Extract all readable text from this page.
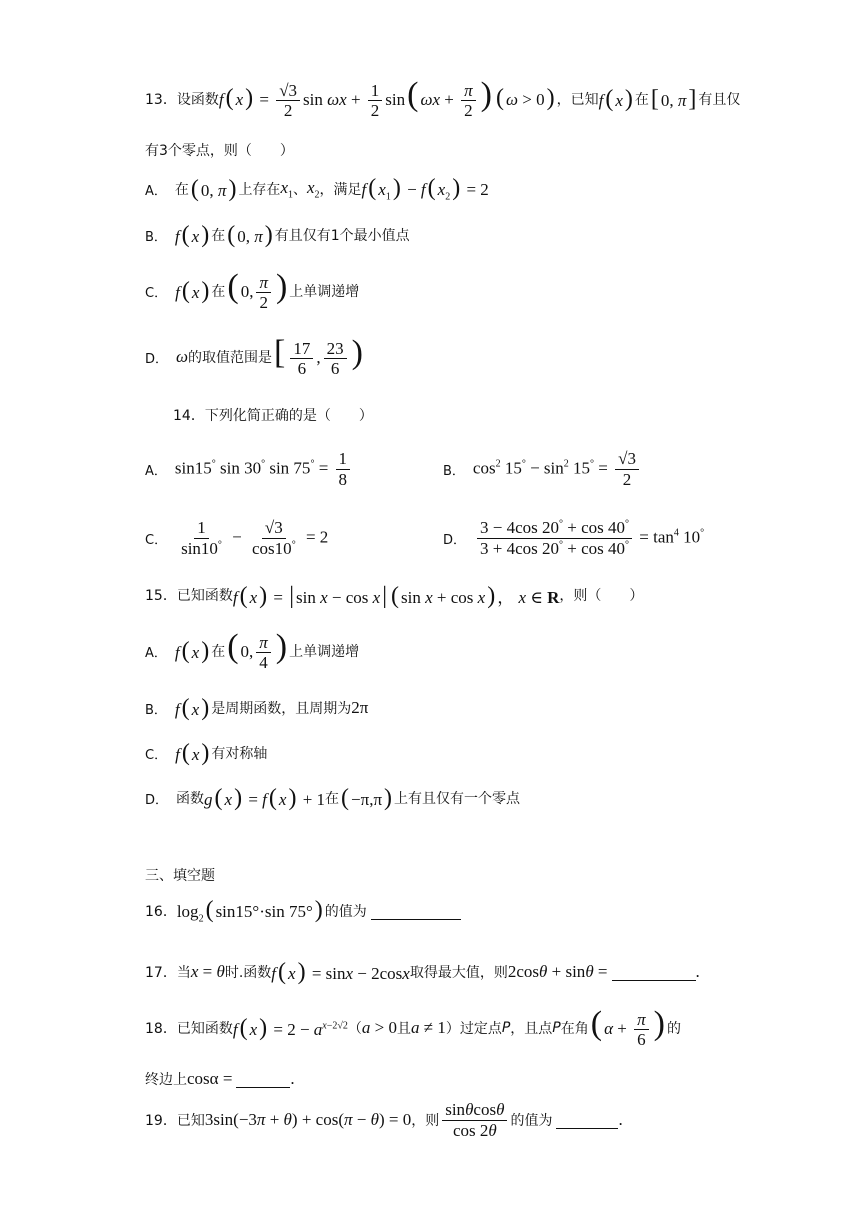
13． 设函数 f( $x) = \frac{√3}{2}$ $\sin \omega x + \frac{1}{2} \sin$( $\omega x + \frac{\pi}{2}$ ) ( ω > 0) ，已知 f( x) 在 [ 0, π] 有且仅
有3个零点，则（　　）
A． 在 ( 0, π) 上存在 $x_1$ 、 $x_2$ ，满足 f( $x_1) - f$( $x_2) = 2$
B． f( x) 在 ( 0, π) 有且仅有1个最小值点
C． f( x) 在 ( 0, $\frac{\pi}{2}$ ) 上单调递增
D． ω 的取值范围是 [ $\frac{17}{6}$ , $\frac{23}{6}$ )
14． 下列化简正确的是（　　）
A． sin15° sin 30° $\sin 75^\circ = \frac{1}{8}$	B． $\cos^2 15^\circ - \sin^2 15^\circ = \frac{√3}{2}$
C． $\frac{1}{\sin 10^\circ} - \frac{√3}{\cos 10^\circ} = 2$	D． $\frac{3 - 4\cos 20^\circ + \cos 40^\circ}{3 + 4\cos 20^\circ + \cos 40^\circ} = \tan^4 10^\circ$
15． 已知函数 f( x) = | sin x − cos x| ( sin x + cos x) ， x ∈ R ，则（　　）
A． f( x) 在 ( 0, $\frac{\pi}{4}$ ) 上单调递增
B． f( x) 是周期函数，且周期为 2π
C． f( x) 有对称轴
D． 函数 g( x) = f( x) + 1 在 ( −π,π) 上有且仅有一个零点
三、填空题
16． $\log_2$( sin15°·sin 75°) 的值为
17． 当 x = θ 时.函数 f( x) = sinx − 2cosx 取得最大值，则 2cosθ + sinθ =	.
18． 已知函数 f( $x) = 2 - a^{x-2√2}$ （ a > 0 且 a ≠ 1 ） 过定点 P ，且点 P 在角 ( $\alpha + \frac{\pi}{6}$ ) 的
终边上 cosα =	.
19． 已知 3sin(−3π + θ) + cos(π − θ) = 0 ，则 $\frac{\sin\theta\cos\theta}{\cos 2\theta}$ 的值为	.
